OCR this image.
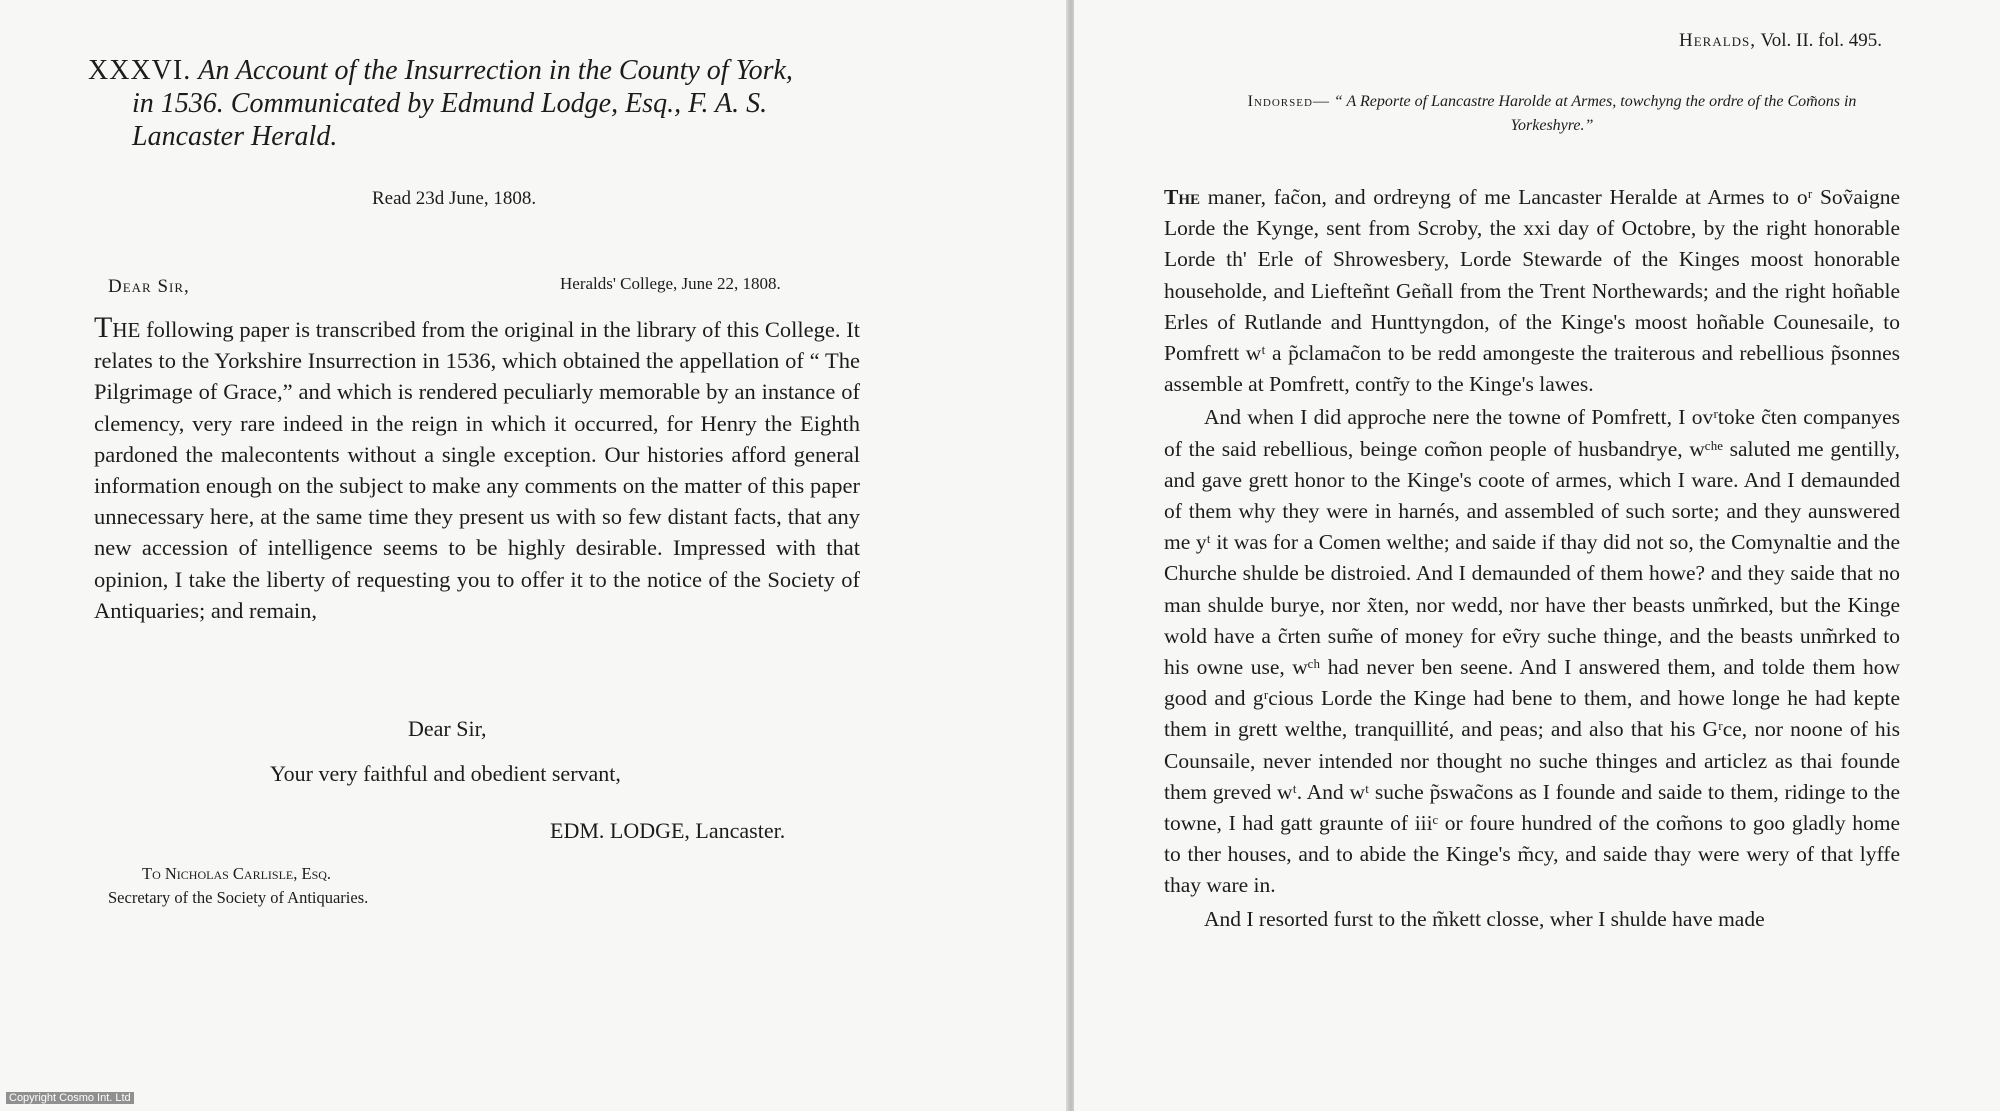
XXXVI. An Account of the Insurrection in the County of York,
in 1536. Communicated by Edmund Lodge, Esq., F. A. S.
Lancaster Herald.
Read 23d June, 1808.
Dear Sir,	Heralds' College, June 22, 1808.
The following paper is transcribed from the original in the library of this College. It relates to the Yorkshire Insurrection in 1536, which obtained the appellation of “ The Pilgrimage of Grace,” and which is rendered peculiarly memorable by an instance of clemency, very rare indeed in the reign in which it occurred, for Henry the Eighth pardoned the malecontents without a single exception. Our histories afford general information enough on the subject to make any comments on the matter of this paper unnecessary here, at the same time they present us with so few distant facts, that any new accession of intelligence seems to be highly desirable. Impressed with that opinion, I take the liberty of requesting you to offer it to the notice of the Society of Antiquaries; and remain,
Dear Sir,
Your very faithful and obedient servant,
EDM. LODGE, Lancaster.
To Nicholas Carlisle, Esq.
Secretary of the Society of Antiquaries.
Heralds, Vol. II. fol. 495.
Indorsed— “ A Reporte of Lancastre Harolde at Armes, towchyng the ordre of the Com̃ons in Yorkeshyre.”

The maner, fac̃on, and ordreyng of me Lancaster Heralde at Armes to oʳ Soṽaigne Lorde the Kynge, sent from Scroby, the xxi day of Octobre, by the right honorable Lorde th' Erle of Shrowesbery, Lorde Stewarde of the Kinges moost honorable householde, and Liefteñnt Geñall from the Trent Northewards; and the right hoñable Erles of Rutlande and Hunttyngdon, of the Kinge's moost hoñable Counesaile, to Pomfrett wᵗ a p̃clamac̃on to be redd amongeste the traiterous and rebellious p̃sonnes assemble at Pomfrett, contr̃y to the Kinge's lawes.

And when I did approche nere the towne of Pomfrett, I ovʳtoke c̃ten companyes of the said rebellious, beinge com̃on people of husbandrye, wᶜʰᵉ saluted me gentilly, and gave grett honor to the Kinge's coote of armes, which I ware. And I demaunded of them why they were in harnés, and assembled of such sorte; and they aunswered me yᵗ it was for a Comen welthe; and saide if thay did not so, the Comynaltie and the Churche shulde be distroied. And I demaunded of them howe? and they saide that no man shulde burye, nor x̃ten, nor wedd, nor have ther beasts unm̃rked, but the Kinge wold have a c̃rten sum̃e of money for eṽry suche thinge, and the beasts unm̃rked to his owne use, wᶜʰ had never ben seene. And I answered them, and tolde them how good and gʳcious Lorde the Kinge had bene to them, and howe longe he had kepte them in grett welthe, tranquillité, and peas; and also that his Gʳce, nor noone of his Counsaile, never intended nor thought no suche thinges and articlez as thai founde them greved wᵗ. And wᵗ suche p̃swac̃ons as I founde and saide to them, ridinge to the towne, I had gatt graunte of iiiᶜ or foure hundred of the com̃ons to goo gladly home to ther houses, and to abide the Kinge's m̃cy, and saide thay were wery of that lyffe thay ware in.

And I resorted furst to the m̃kett closse, wher I shulde have made

Copyright Cosmo Int. Ltd
